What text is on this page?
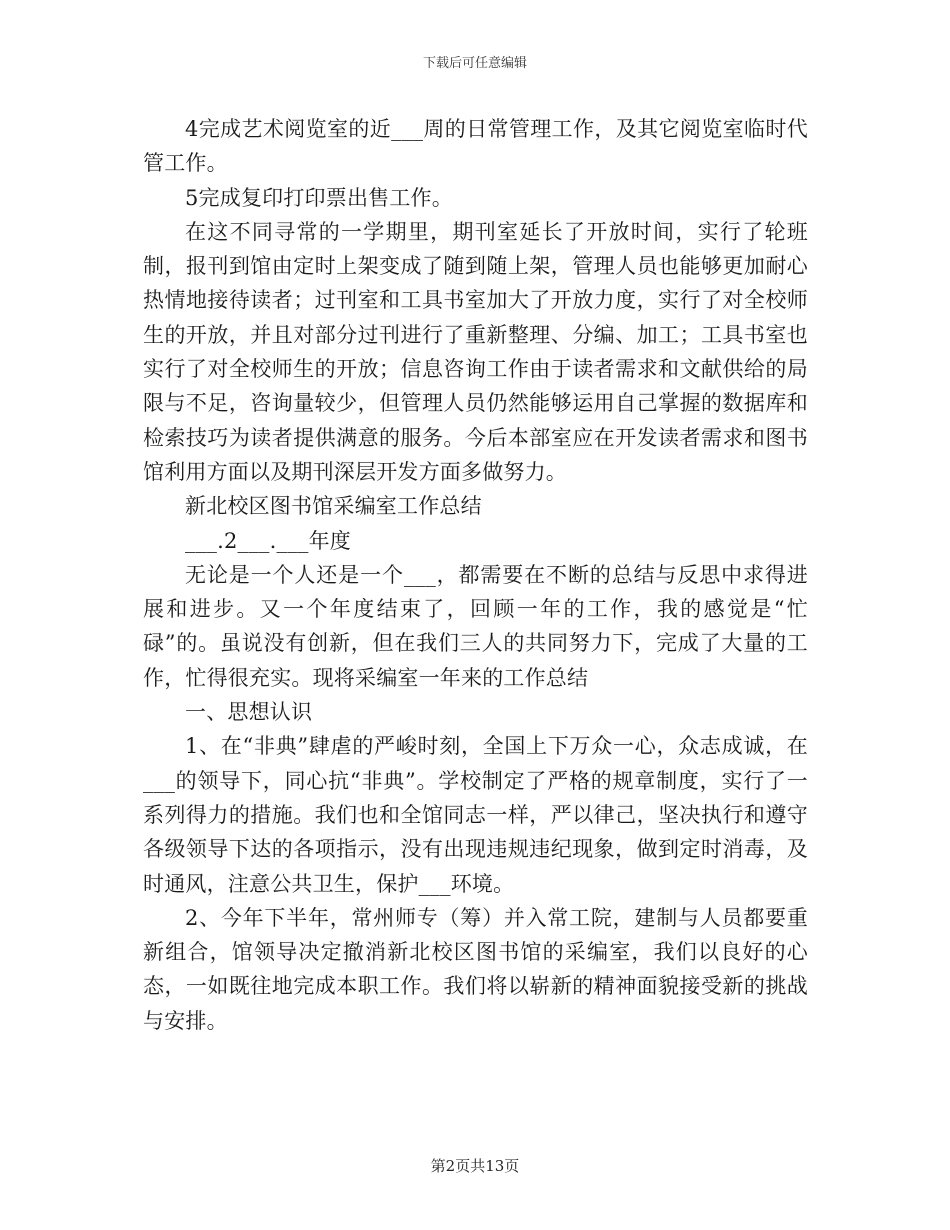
下载后可任意编辑

4完成艺术阅览室的近___周的日常管理工作，及其它阅览室临时代管工作。

5完成复印打印票出售工作。

在这不同寻常的一学期里，期刊室延长了开放时间，实行了轮班制，报刊到馆由定时上架变成了随到随上架，管理人员也能够更加耐心热情地接待读者；过刊室和工具书室加大了开放力度，实行了对全校师生的开放，并且对部分过刊进行了重新整理、分编、加工；工具书室也实行了对全校师生的开放；信息咨询工作由于读者需求和文献供给的局限与不足，咨询量较少，但管理人员仍然能够运用自己掌握的数据库和检索技巧为读者提供满意的服务。今后本部室应在开发读者需求和图书馆利用方面以及期刊深层开发方面多做努力。

新北校区图书馆采编室工作总结

___.2___.___年度

无论是一个人还是一个___，都需要在不断的总结与反思中求得进展和进步。又一个年度结束了，回顾一年的工作，我的感觉是“忙碌”的。虽说没有创新，但在我们三人的共同努力下，完成了大量的工作，忙得很充实。现将采编室一年来的工作总结

一、思想认识

1、在“非典”肆虐的严峻时刻，全国上下万众一心，众志成诚，在___的领导下，同心抗“非典”。学校制定了严格的规章制度，实行了一系列得力的措施。我们也和全馆同志一样，严以律己，坚决执行和遵守各级领导下达的各项指示，没有出现违规违纪现象，做到定时消毒，及时通风，注意公共卫生，保护___环境。

2、今年下半年，常州师专（筹）并入常工院，建制与人员都要重新组合，馆领导决定撤消新北校区图书馆的采编室，我们以良好的心态，一如既往地完成本职工作。我们将以崭新的精神面貌接受新的挑战与安排。

第2页共13页
